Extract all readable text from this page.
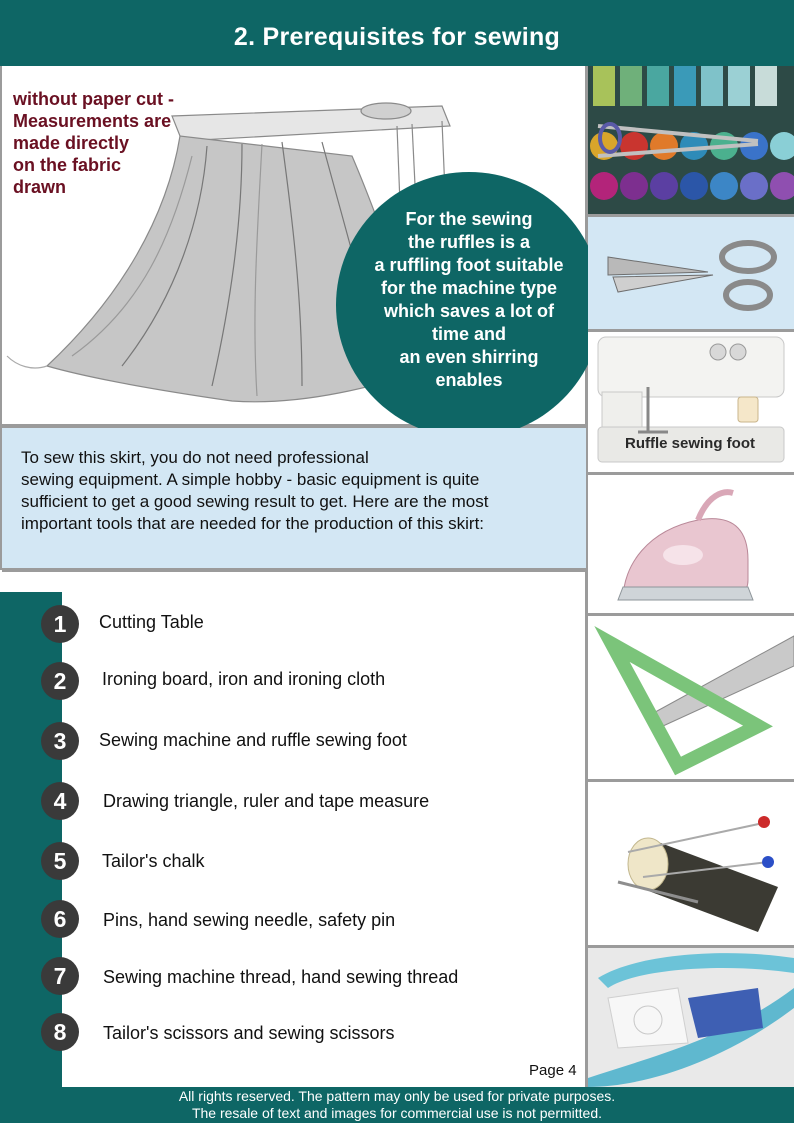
2. Prerequisites for sewing
without paper cut -
Measurements are
made directly
on the fabric
drawn
For the sewing
the ruffles is a
a ruffling foot suitable
for the machine type
which saves a lot of
time and
an even shirring
enables
To sew this skirt, you do not need professional
sewing equipment. A simple hobby - basic equipment is quite
sufficient to get a good sewing result to get. Here are the most
important tools that are needed for the production of this skirt:
1	Cutting Table
2	Ironing board, iron and ironing cloth
3	Sewing machine and ruffle sewing foot
4	Drawing triangle, ruler and tape measure
5	Tailor's chalk
6	Pins, hand sewing needle, safety pin
7	Sewing machine thread, hand sewing thread
8	Tailor's scissors and sewing scissors
Page 4
Ruffle sewing foot
All rights reserved. The pattern may only be used for private purposes.
The resale of text and images for commercial use is not permitted.
